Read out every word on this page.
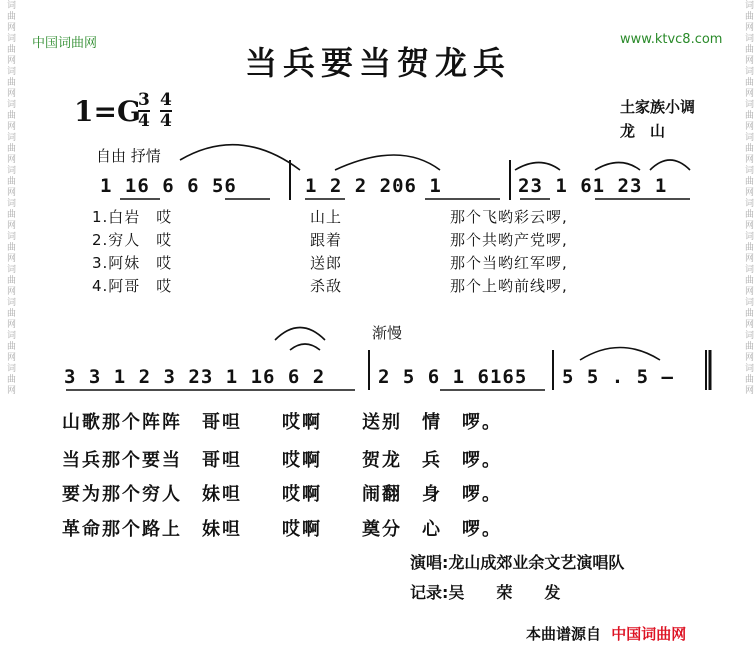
中国词曲网	www.ktvc8.com
词曲网词曲网词曲网词曲网词曲网词曲网词曲网词曲网词曲网词曲网词曲网词曲网	词曲网词曲网词曲网词曲网词曲网词曲网词曲网词曲网词曲网词曲网词曲网词曲网
当兵要当贺龙兵
1=G
3
4
4
4
土家族小调
龙　山
自由 抒情
1 16 6 6 56	1 2 2 206 1	23 1 61 23 1
1.白岩　哎	山上	那个飞哟彩云啰,
2.穷人　哎	跟着	那个共哟产党啰,
3.阿妹　哎	送郎	那个当哟红军啰,
4.阿哥　哎	杀敌	那个上哟前线啰,
渐慢
3 3 1 2 3 23 1 16 6 2	2 5 6 1 6165 5 5 . 5 —
山歌那个阵阵　哥呾　　哎啊　　送别　情　啰。
当兵那个要当　哥呾　　哎啊　　贺龙　兵　啰。
要为那个穷人　妹呾　　哎啊　　闹翻　身　啰。
革命那个路上　妹呾　　哎啊　　奠分　心　啰。
演唱:龙山成郊业余文艺演唱队
记录:吴　　荣　　发
本曲谱源自 中国词曲网
